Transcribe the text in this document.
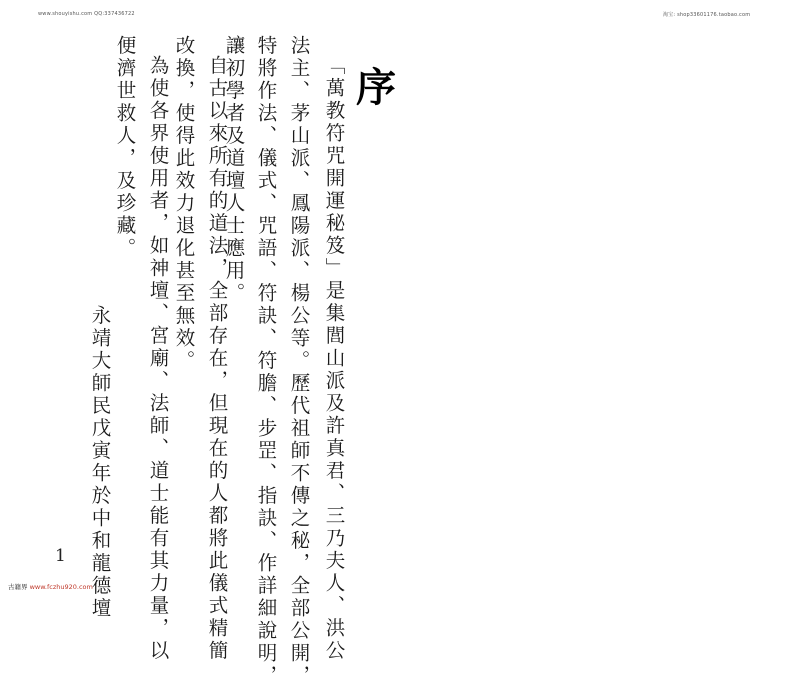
www.shouyishu.com QQ:337436722	淘宝: shop33601176.taobao.com
序
「萬教符咒開運秘笈」是集閭山派及許真君、三乃夫人、洪公
法主、茅山派、鳳陽派、楊公等。歷代祖師不傳之秘，全部公開，
特將作法、儀式、咒語、符訣、符膽、步罡、指訣、作詳細說明，
讓初學者及道壇人士應用。
自古以來所有的道法，全部存在，但現在的人都將此儀式精簡
改換，使得此效力退化甚至無效。
為使各界使用者，如神壇、宮廟、法師、道士能有其力量，以
便濟世救人，及珍藏。
永靖大師民戊寅年於中和龍德壇
1
古籍界 www.fczhu920.com
